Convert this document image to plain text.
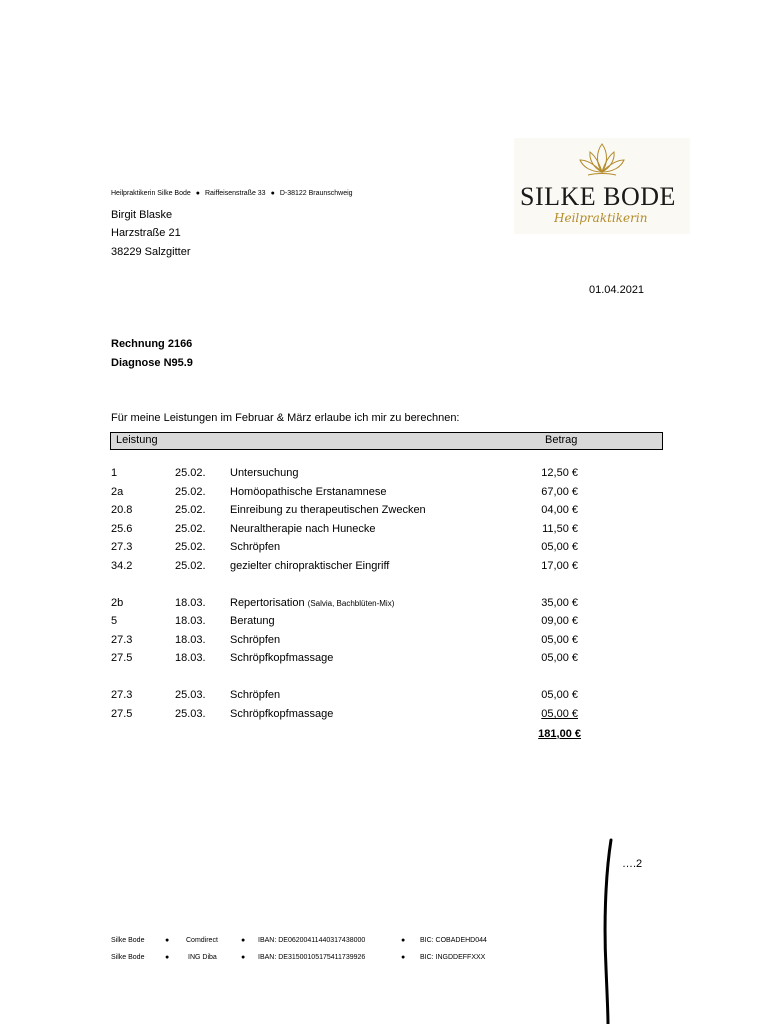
Heilpraktikerin Silke Bode ● Raiffeisenstraße 33 ● D-38122 Braunschweig	SILKE BODE
Heilpraktikerin
Birgit Blaske
Harzstraße 21
38229 Salzgitter
01.04.2021
Rechnung 2166
Diagnose N95.9
Für meine Leistungen im Februar & März erlaube ich mir zu berechnen:
Leistung	Betrag
1	25.02. Untersuchung	12,50 €
2a	25.02. Homöopathische Erstanamnese	67,00 €
20.8	25.02. Einreibung zu therapeutischen Zwecken	04,00 €
25.6	25.02. Neuraltherapie nach Hunecke	11,50 €
27.3	25.02. Schröpfen	05,00 €
34.2	25.02. gezielter chiropraktischer Eingriff	17,00 €
2b	18.03. Repertorisation (Salvia, Bachblüten-Mix)	35,00 €
5	18.03. Beratung	09,00 €
27.3	18.03. Schröpfen	05,00 €
27.5	18.03. Schröpfkopfmassage	05,00 €
27.3	25.03. Schröpfen	05,00 €
27.5	25.03. Schröpfkopfmassage	05,00 €
181,00 €
….2
Silke Bode	● Comdirect	● IBAN: DE06200411440317438000	● BIC: COBADEHD044
Silke Bode	●	ING Diba	● IBAN: DE31500105175411739926	● BIC: INGDDEFFXXX
